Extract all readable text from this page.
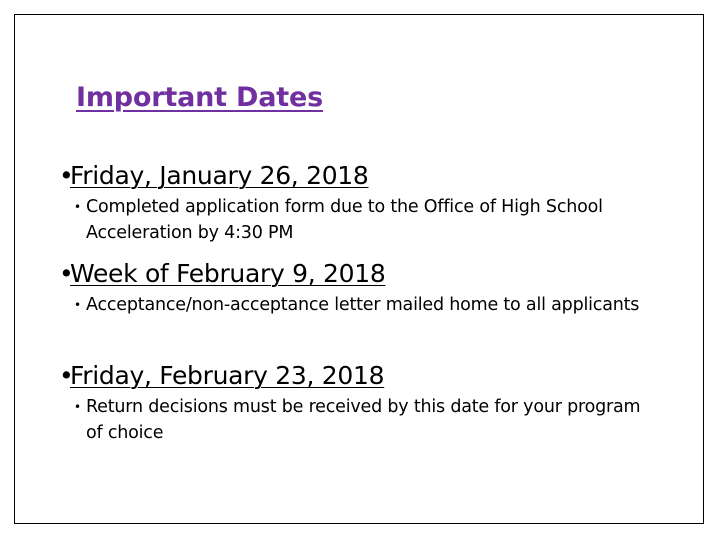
Important Dates
•
Friday, January 26, 2018
• Completed application form due to the Office of High School Acceleration by 4:30 PM
•
Week of February 9, 2018
• Acceptance/non-acceptance letter mailed home to all applicants
•
Friday, February 23, 2018
• Return decisions must be received by this date for your program of choice
